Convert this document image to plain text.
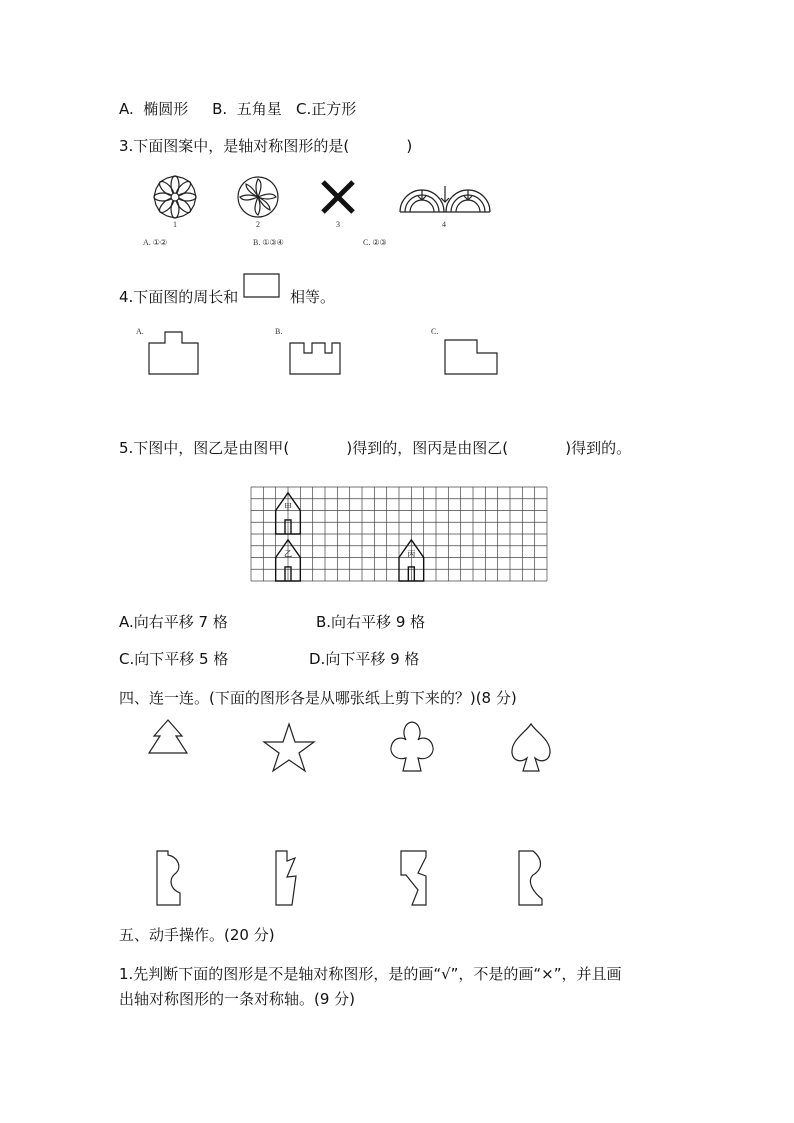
A.  椭圆形     B.  五角星   C.正方形
3.下面图案中，是轴对称图形的是(            )
1	2	3	4
A. ①②	B. ①③④	C. ②③
4.下面图的周长和	相等。
A.	B.	C.
5.下图中，图乙是由图甲(            )得到的，图丙是由图乙(            )得到的。
甲
乙	丙
A.向右平移 7 格	B.向右平移 9 格
C.向下平移 5 格	D.向下平移 9 格
四、连一连。(下面的图形各是从哪张纸上剪下来的？)(8 分)
五、动手操作。(20 分)
1.先判断下面的图形是不是轴对称图形，是的画“√”，不是的画“×”，并且画
出轴对称图形的一条对称轴。(9 分)
